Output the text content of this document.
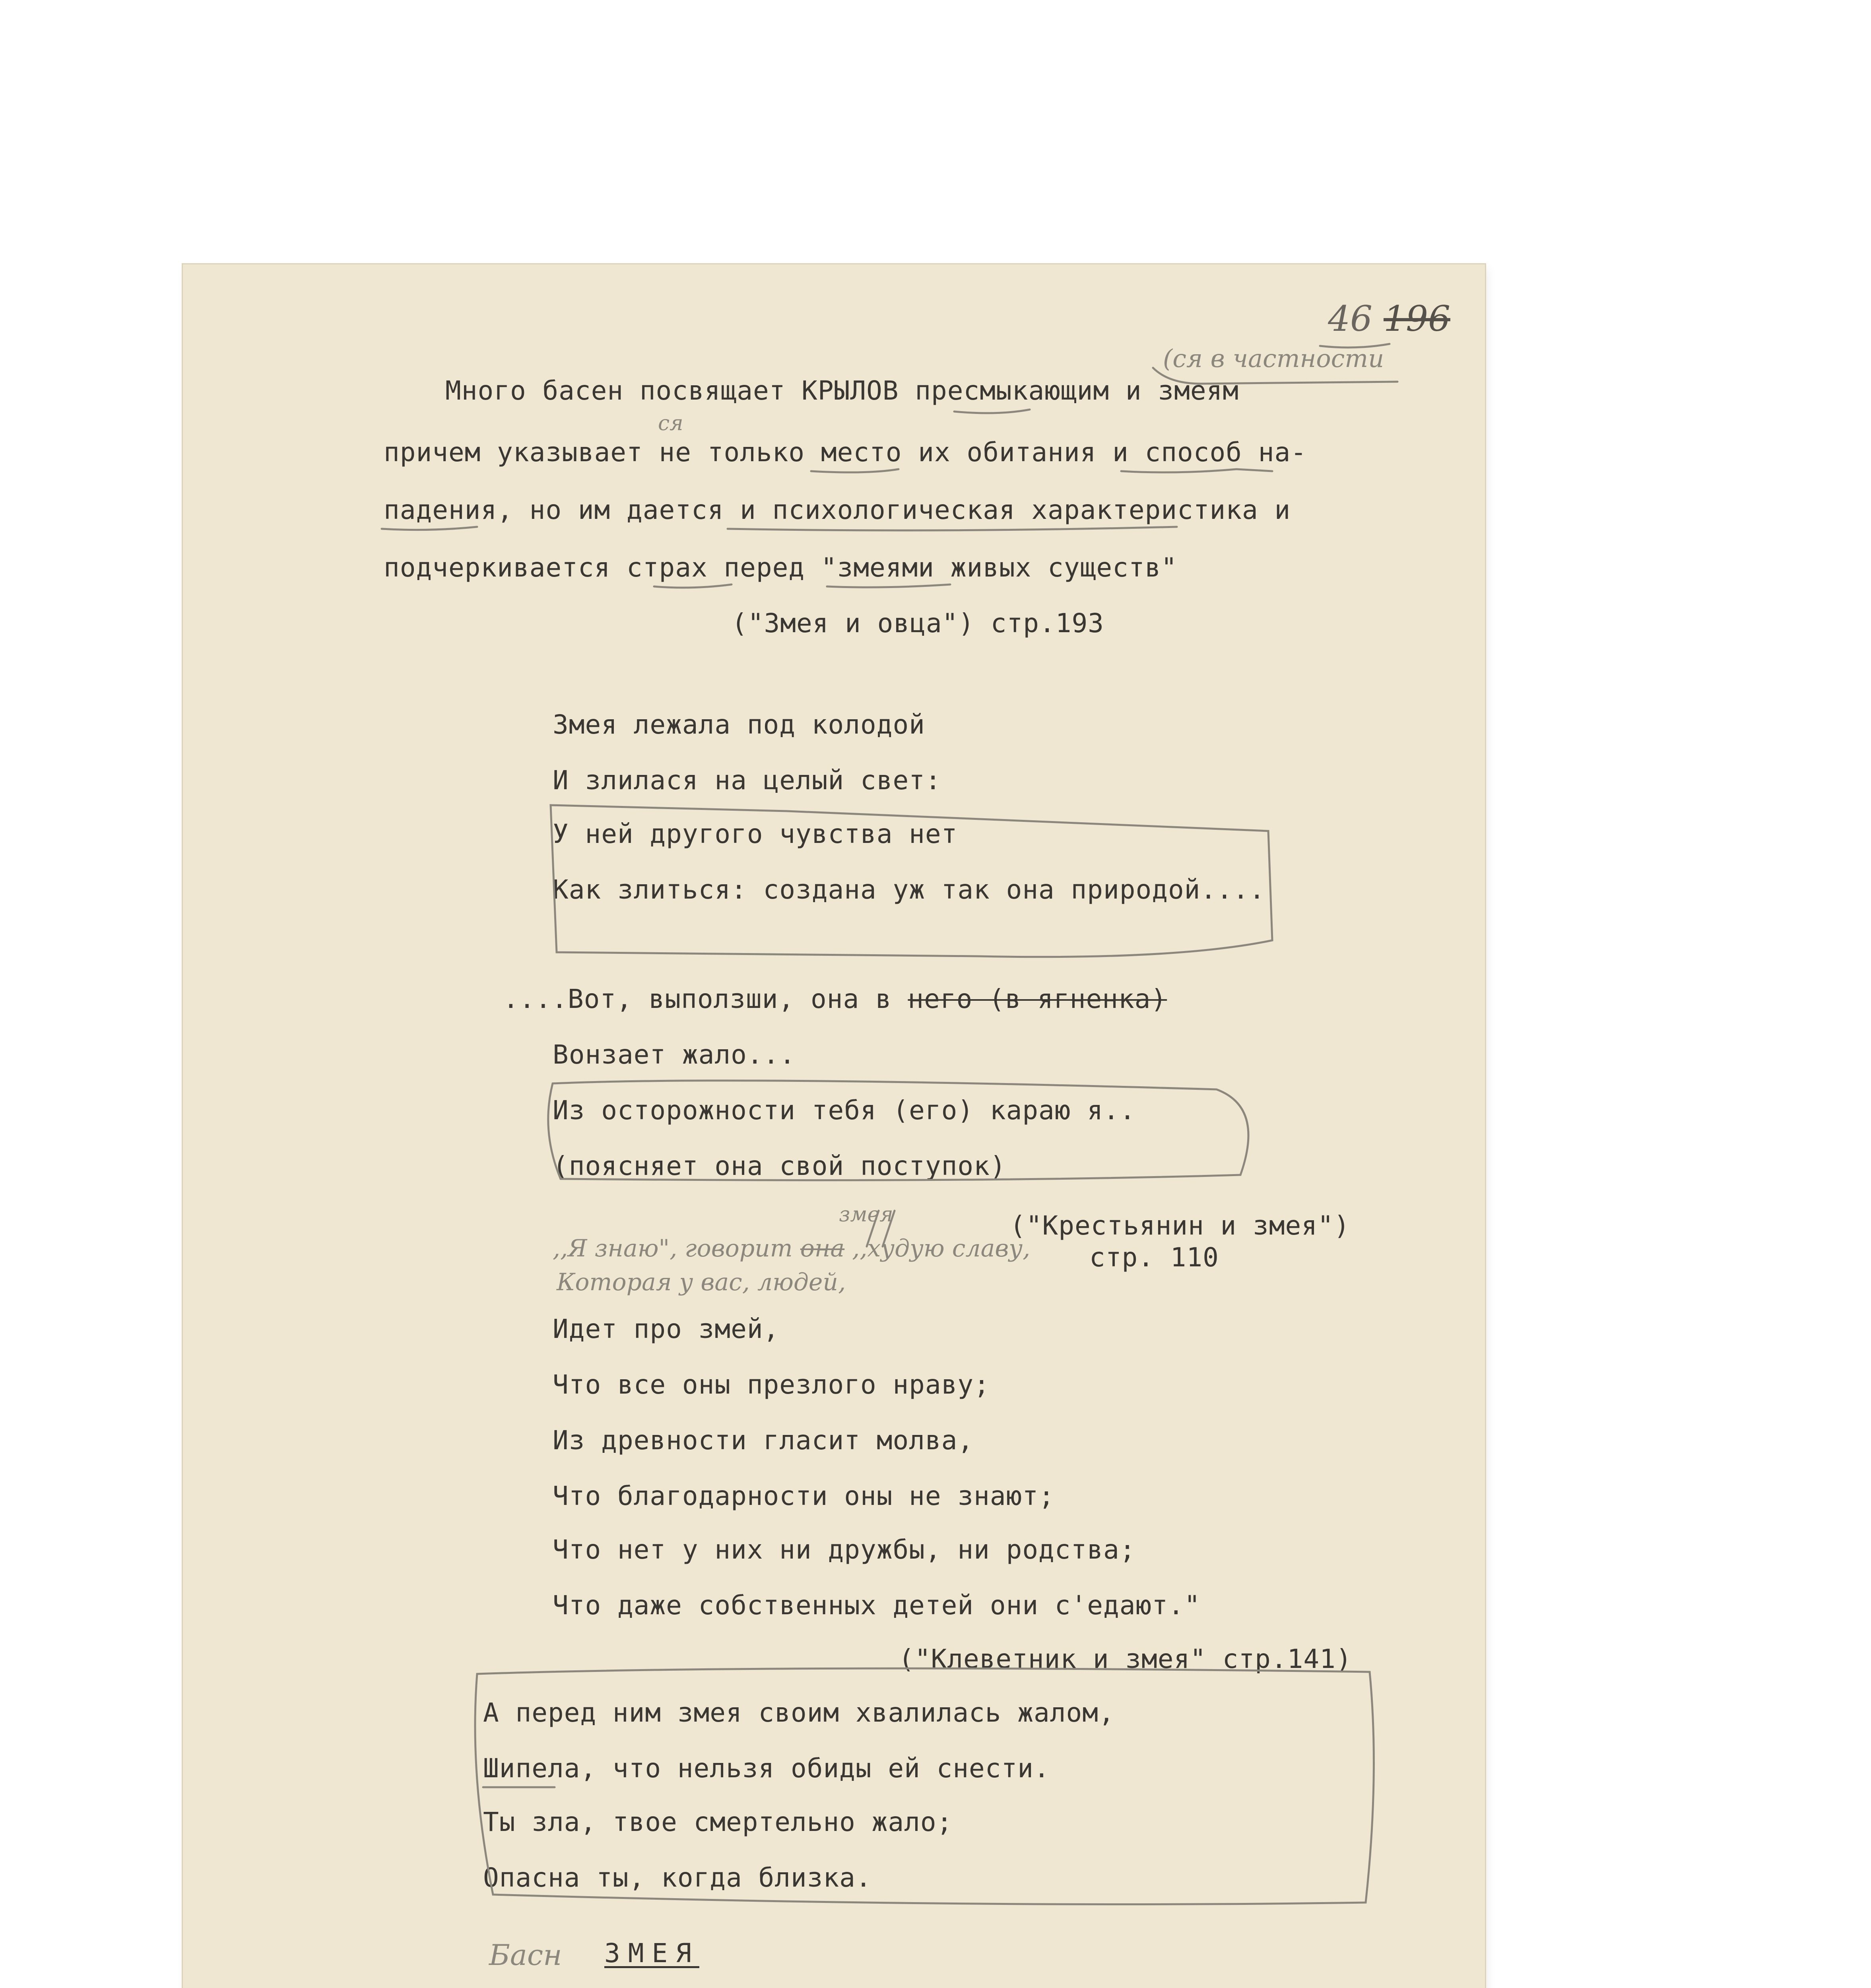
46 196
(ся в частности
ся
Много басен посвящает КРЫЛОВ пресмыкающим и змеям
причем указывает не только место их обитания и способ на-
падения, но им дается и психологическая характеристика и
подчеркивается страх перед "змеями живых существ"
("Змея и овца") стр.193
Змея лежала под колодой
И злилася на целый свет:
У ней другого чувства нет
Как злиться: создана уж так она природой....
....Вот, выползши, она в него (в ягненка)
Вонзает жало...
Из осторожности тебя (его) караю я..
(поясняет она свой поступок)
("Крестьянин и змея")
стр. 110
змея
,,Я знаю", говорит она ,,худую славу,
Которая у вас, людей,
Идет про змей,
Что все оны презлого нраву;
Из древности гласит молва,
Что благодарности оны не знают;
Что нет у них ни дружбы, ни родства;
Что даже собственных детей они с'едают."
("Клеветник и змея" стр.141)
А перед ним змея своим хвалилась жалом,
Шипела, что нельзя обиды ей снести.
Ты зла, твое смертельно жало;
Опасна ты, когда близка.
Басн ЗМЕЯ
